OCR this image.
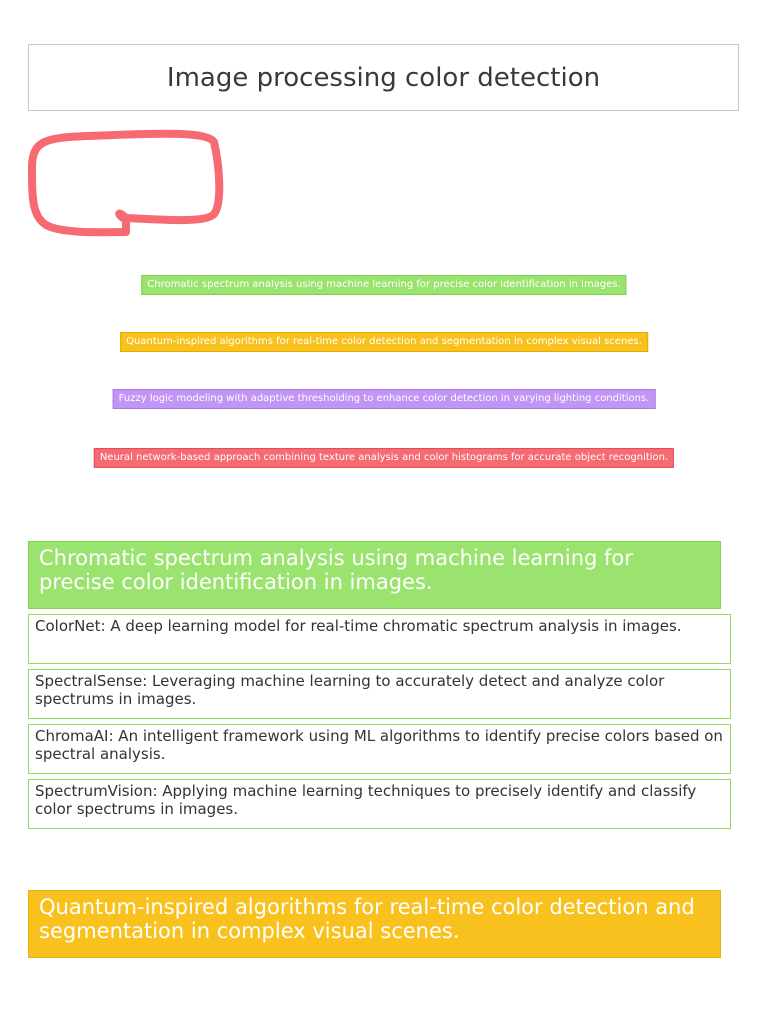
Image processing color detection
Chromatic spectrum analysis using machine learning for precise color identification in images.
Quantum-inspired algorithms for real-time color detection and segmentation in complex visual scenes.
Fuzzy logic modeling with adaptive thresholding to enhance color detection in varying lighting conditions.
Neural network-based approach combining texture analysis and color histograms for accurate object recognition.
Chromatic spectrum analysis using machine learning for precise color identification in images.
ColorNet: A deep learning model for real-time chromatic spectrum analysis in images.
SpectralSense: Leveraging machine learning to accurately detect and analyze color spectrums in images.
ChromaAI: An intelligent framework using ML algorithms to identify precise colors based on spectral analysis.
SpectrumVision: Applying machine learning techniques to precisely identify and classify color spectrums in images.
Quantum-inspired algorithms for real-time color detection and segmentation in complex visual scenes.
